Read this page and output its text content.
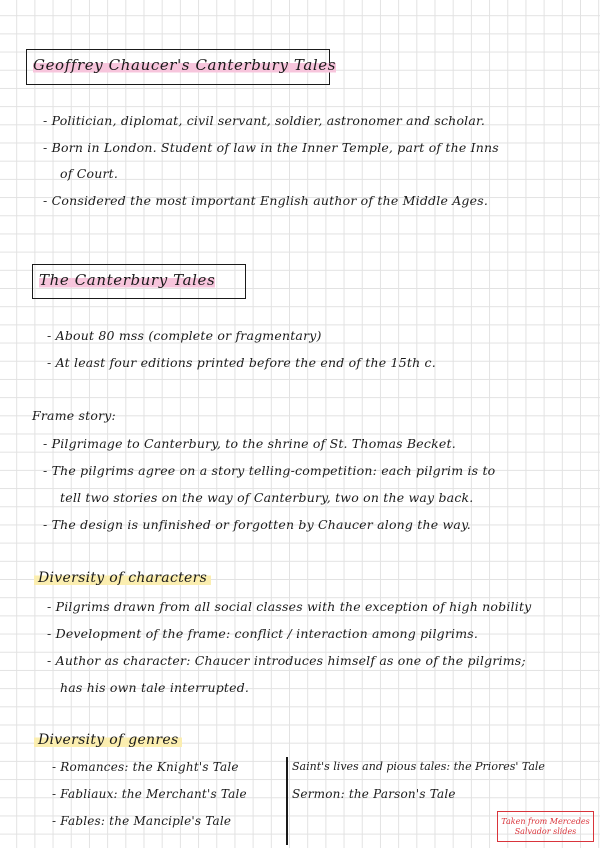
Geoffrey Chaucer's Canterbury Tales
- Politician, diplomat, civil servant, soldier, astronomer and scholar.
- Born in London. Student of law in the Inner Temple, part of the Inns
of Court.
- Considered the most important English author of the Middle Ages.
The Canterbury Tales
- About 80 mss (complete or fragmentary)
- At least four editions printed before the end of the 15th c.
Frame story:
- Pilgrimage to Canterbury, to the shrine of St. Thomas Becket.
- The pilgrims agree on a story telling-competition: each pilgrim is to
tell two stories on the way of Canterbury, two on the way back.
- The design is unfinished or forgotten by Chaucer along the way.
Diversity of characters
- Pilgrims drawn from all social classes with the exception of high nobility
- Development of the frame: conflict / interaction among pilgrims.
- Author as character: Chaucer introduces himself as one of the pilgrims;
has his own tale interrupted.
Diversity of genres
- Romances: the Knight's Tale
- Fabliaux: the Merchant's Tale
- Fables: the Manciple's Tale
Saint's lives and pious tales: the Priores' Tale
Sermon: the Parson's Tale
Taken from Mercedes Salvador slides
